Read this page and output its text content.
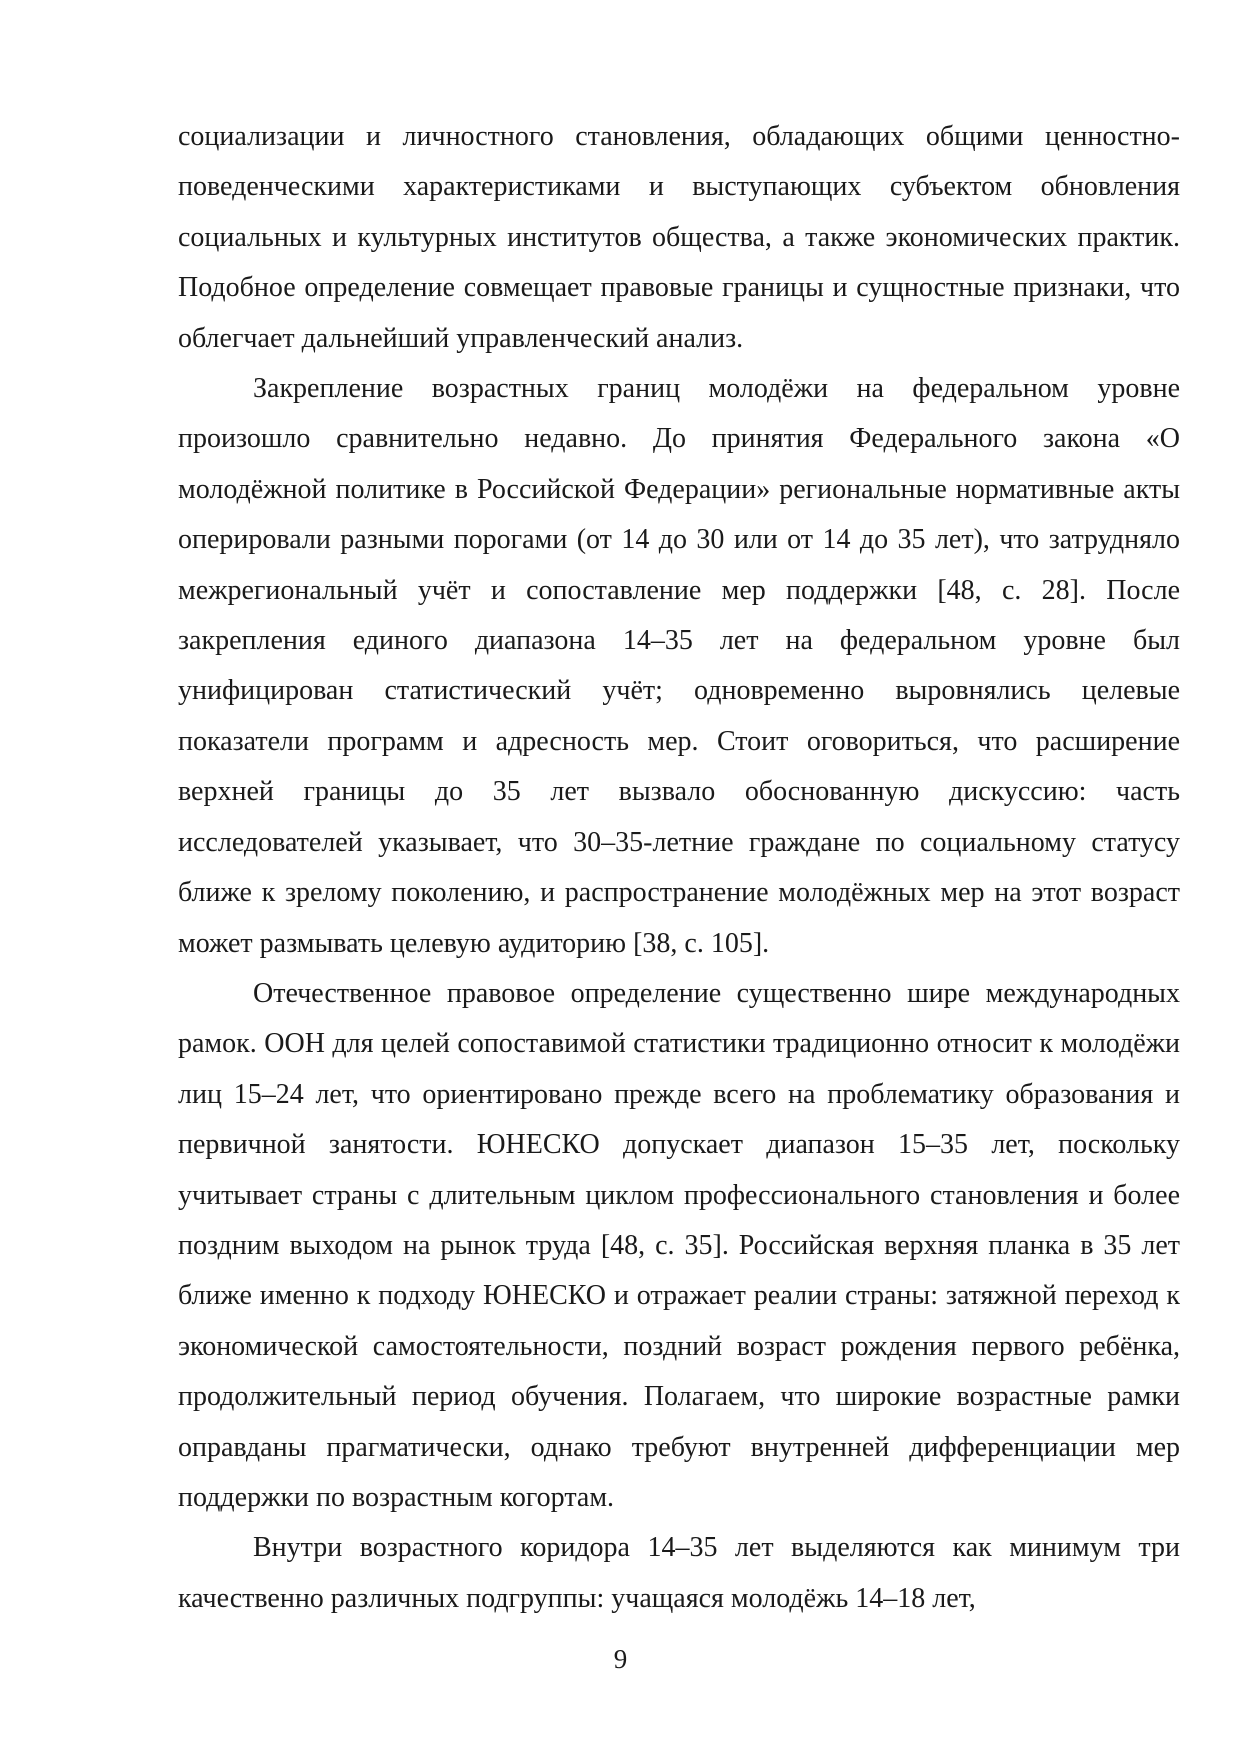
социализации и личностного становления, обладающих общими ценностно-поведенческими характеристиками и выступающих субъектом обновления социальных и культурных институтов общества, а также экономических практик. Подобное определение совмещает правовые границы и сущностные признаки, что облегчает дальнейший управленческий анализ.

Закрепление возрастных границ молодёжи на федеральном уровне произошло сравнительно недавно. До принятия Федерального закона «О молодёжной политике в Российской Федерации» региональные нормативные акты оперировали разными порогами (от 14 до 30 или от 14 до 35 лет), что затрудняло межрегиональный учёт и сопоставление мер поддержки [48, с. 28]. После закрепления единого диапазона 14–35 лет на федеральном уровне был унифицирован статистический учёт; одновременно выровнялись целевые показатели программ и адресность мер. Стоит оговориться, что расширение верхней границы до 35 лет вызвало обоснованную дискуссию: часть исследователей указывает, что 30–35-летние граждане по социальному статусу ближе к зрелому поколению, и распространение молодёжных мер на этот возраст может размывать целевую аудиторию [38, с. 105].

Отечественное правовое определение существенно шире международных рамок. ООН для целей сопоставимой статистики традиционно относит к молодёжи лиц 15–24 лет, что ориентировано прежде всего на проблематику образования и первичной занятости. ЮНЕСКО допускает диапазон 15–35 лет, поскольку учитывает страны с длительным циклом профессионального становления и более поздним выходом на рынок труда [48, с. 35]. Российская верхняя планка в 35 лет ближе именно к подходу ЮНЕСКО и отражает реалии страны: затяжной переход к экономической самостоятельности, поздний возраст рождения первого ребёнка, продолжительный период обучения. Полагаем, что широкие возрастные рамки оправданы прагматически, однако требуют внутренней дифференциации мер поддержки по возрастным когортам.

Внутри возрастного коридора 14–35 лет выделяются как минимум три качественно различных подгруппы: учащаяся молодёжь 14–18 лет,

9
